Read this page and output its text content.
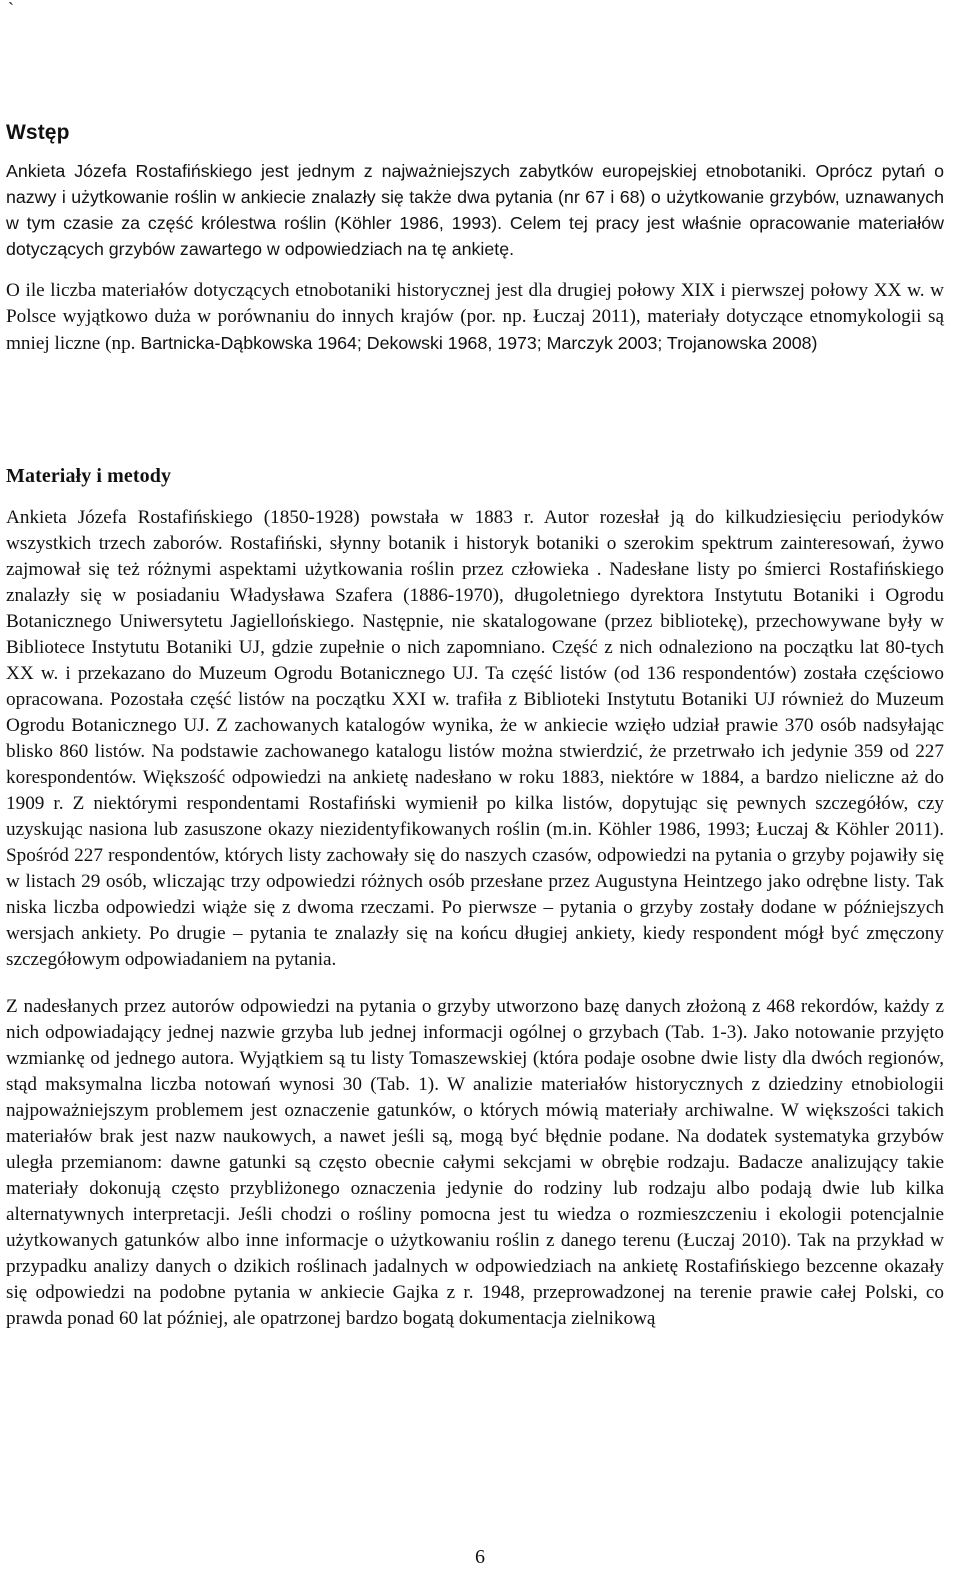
`
Wstęp

Ankieta Józefa Rostafińskiego jest jednym z najważniejszych zabytków europejskiej etnobotaniki. Oprócz pytań o nazwy i użytkowanie roślin w ankiecie znalazły się także dwa pytania (nr 67 i 68) o użytkowanie grzybów, uznawanych w tym czasie za część królestwa roślin (Köhler 1986, 1993). Celem tej pracy jest właśnie opracowanie materiałów dotyczących grzybów zawartego w odpowiedziach na tę ankietę.

O ile liczba materiałów dotyczących etnobotaniki historycznej jest dla drugiej połowy XIX i pierwszej połowy XX w. w Polsce wyjątkowo duża w porównaniu do innych krajów (por. np. Łuczaj 2011), materiały dotyczące etnomykologii są mniej liczne (np. Bartnicka-Dąbkowska 1964; Dekowski 1968, 1973; Marczyk 2003; Trojanowska 2008)

Materiały i metody

Ankieta Józefa Rostafińskiego (1850-1928) powstała w 1883 r. Autor rozesłał ją do kilkudziesięciu periodyków wszystkich trzech zaborów. Rostafiński, słynny botanik i historyk botaniki o szerokim spektrum zainteresowań, żywo zajmował się też różnymi aspektami użytkowania roślin przez człowieka . Nadesłane listy po śmierci Rostafińskiego znalazły się w posiadaniu Władysława Szafera (1886-1970), długoletniego dyrektora Instytutu Botaniki i Ogrodu Botanicznego Uniwersytetu Jagiellońskiego. Następnie, nie skatalogowane (przez bibliotekę), przechowywane były w Bibliotece Instytutu Botaniki UJ, gdzie zupełnie o nich zapomniano. Część z nich odnaleziono na początku lat 80-tych XX w. i przekazano do Muzeum Ogrodu Botanicznego UJ. Ta część listów (od 136 respondentów) została częściowo opracowana. Pozostała część listów na początku XXI w. trafiła z Biblioteki Instytutu Botaniki UJ również do Muzeum Ogrodu Botanicznego UJ. Z zachowanych katalogów wynika, że w ankiecie wzięło udział prawie 370 osób nadsyłając blisko 860 listów. Na podstawie zachowanego katalogu listów można stwierdzić, że przetrwało ich jedynie 359 od 227 korespondentów. Większość odpowiedzi na ankietę nadesłano w roku 1883, niektóre w 1884, a bardzo nieliczne aż do 1909 r. Z niektórymi respondentami Rostafiński wymienił po kilka listów, dopytując się pewnych szczegółów, czy uzyskując nasiona lub zasuszone okazy niezidentyfikowanych roślin (m.in. Köhler 1986, 1993; Łuczaj & Köhler 2011). Spośród 227 respondentów, których listy zachowały się do naszych czasów, odpowiedzi na pytania o grzyby pojawiły się w listach 29 osób, wliczając trzy odpowiedzi różnych osób przesłane przez Augustyna Heintzego jako odrębne listy. Tak niska liczba odpowiedzi wiąże się z dwoma rzeczami. Po pierwsze – pytania o grzyby zostały dodane w późniejszych wersjach ankiety. Po drugie – pytania te znalazły się na końcu długiej ankiety, kiedy respondent mógł być zmęczony szczegółowym odpowiadaniem na pytania.

Z nadesłanych przez autorów odpowiedzi na pytania o grzyby utworzono bazę danych złożoną z 468 rekordów, każdy z nich odpowiadający jednej nazwie grzyba lub jednej informacji ogólnej o grzybach (Tab. 1-3). Jako notowanie przyjęto wzmiankę od jednego autora. Wyjątkiem są tu listy Tomaszewskiej (która podaje osobne dwie listy dla dwóch regionów, stąd maksymalna liczba notowań wynosi 30 (Tab. 1). W analizie materiałów historycznych z dziedziny etnobiologii najpoważniejszym problemem jest oznaczenie gatunków, o których mówią materiały archiwalne. W większości takich materiałów brak jest nazw naukowych, a nawet jeśli są, mogą być błędnie podane. Na dodatek systematyka grzybów uległa przemianom: dawne gatunki są często obecnie całymi sekcjami w obrębie rodzaju. Badacze analizujący takie materiały dokonują często przybliżonego oznaczenia jedynie do rodziny lub rodzaju albo podają dwie lub kilka alternatywnych interpretacji. Jeśli chodzi o rośliny pomocna jest tu wiedza o rozmieszczeniu i ekologii potencjalnie użytkowanych gatunków albo inne informacje o użytkowaniu roślin z danego terenu (Łuczaj 2010). Tak na przykład w przypadku analizy danych o dzikich roślinach jadalnych w odpowiedziach na ankietę Rostafińskiego bezcenne okazały się odpowiedzi na podobne pytania w ankiecie Gajka z r. 1948, przeprowadzonej na terenie prawie całej Polski, co prawda ponad 60 lat później, ale opatrzonej bardzo bogatą dokumentacja zielnikową

6
